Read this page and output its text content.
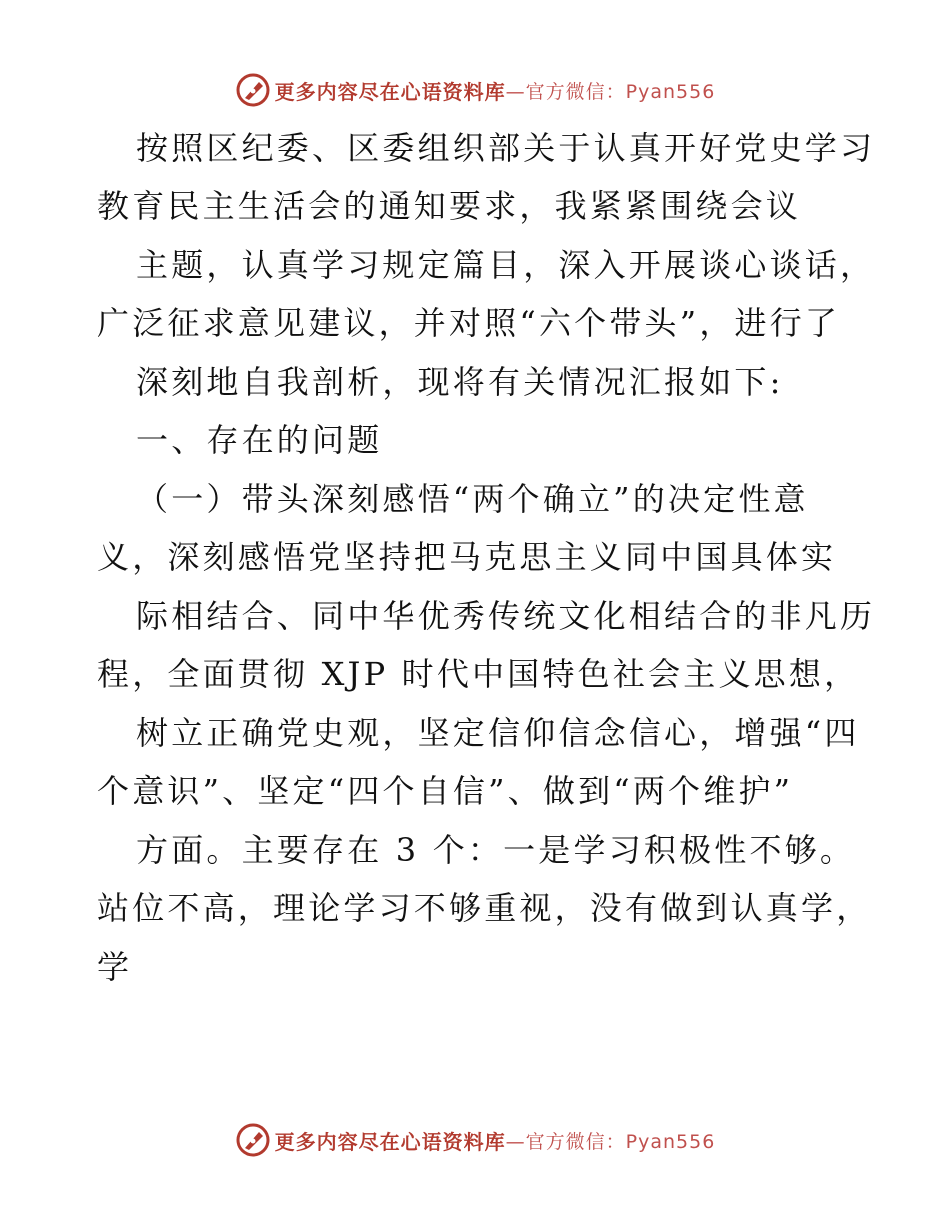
更多内容尽在心语资料库 —官方微信：Pyan556
按照区纪委、区委组织部关于认真开好党史学习
教育民主生活会的通知要求，我紧紧围绕会议
主题，认真学习规定篇目，深入开展谈心谈话，
广泛征求意见建议，并对照“六个带头”，进行了
深刻地自我剖析，现将有关情况汇报如下:
一、存在的问题
（一）带头深刻感悟“两个确立”的决定性意
义，深刻感悟党坚持把马克思主义同中国具体实
际相结合、同中华优秀传统文化相结合的非凡历
程，全面贯彻 XJP 时代中国特色社会主义思想，
树立正确党史观，坚定信仰信念信心，增强“四
个意识”、坚定“四个自信”、做到“两个维护”
方面。主要存在 3 个：一是学习积极性不够。
站位不高，理论学习不够重视，没有做到认真学，
学
更多内容尽在心语资料库 —官方微信：Pyan556
